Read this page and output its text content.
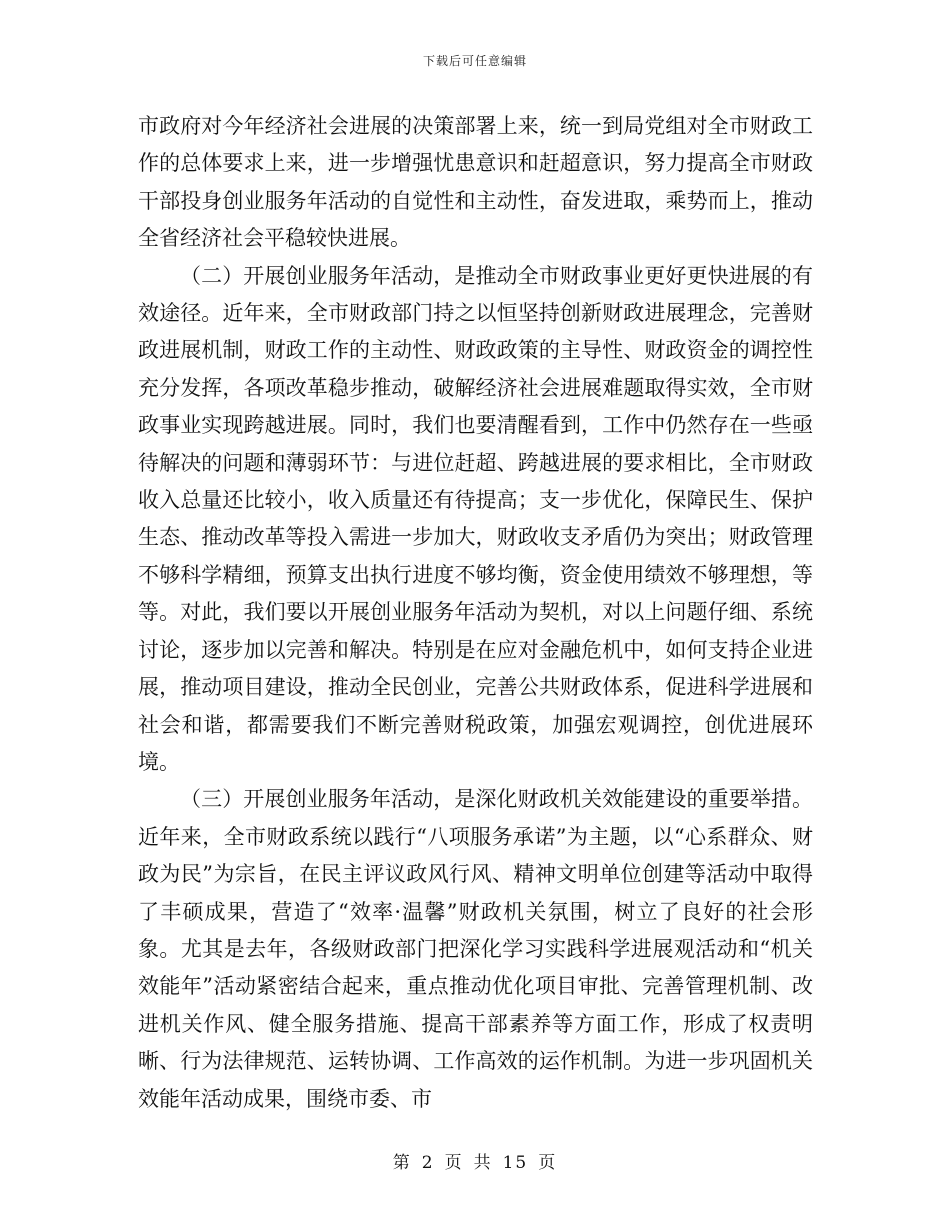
下载后可任意编辑

市政府对今年经济社会进展的决策部署上来，统一到局党组对全市财政工作的总体要求上来，进一步增强忧患意识和赶超意识，努力提高全市财政干部投身创业服务年活动的自觉性和主动性，奋发进取，乘势而上，推动全省经济社会平稳较快进展。

（二）开展创业服务年活动，是推动全市财政事业更好更快进展的有效途径。近年来，全市财政部门持之以恒坚持创新财政进展理念，完善财政进展机制，财政工作的主动性、财政政策的主导性、财政资金的调控性充分发挥，各项改革稳步推动，破解经济社会进展难题取得实效，全市财政事业实现跨越进展。同时，我们也要清醒看到，工作中仍然存在一些亟待解决的问题和薄弱环节：与进位赶超、跨越进展的要求相比，全市财政收入总量还比较小，收入质量还有待提高；支一步优化，保障民生、保护生态、推动改革等投入需进一步加大，财政收支矛盾仍为突出；财政管理不够科学精细，预算支出执行进度不够均衡，资金使用绩效不够理想，等等。对此，我们要以开展创业服务年活动为契机，对以上问题仔细、系统讨论，逐步加以完善和解决。特别是在应对金融危机中，如何支持企业进展，推动项目建设，推动全民创业，完善公共财政体系，促进科学进展和社会和谐，都需要我们不断完善财税政策，加强宏观调控，创优进展环境。

（三）开展创业服务年活动，是深化财政机关效能建设的重要举措。近年来，全市财政系统以践行“八项服务承诺”为主题，以“心系群众、财政为民”为宗旨，在民主评议政风行风、精神文明单位创建等活动中取得了丰硕成果，营造了“效率·温馨”财政机关氛围，树立了良好的社会形象。尤其是去年，各级财政部门把深化学习实践科学进展观活动和“机关效能年”活动紧密结合起来，重点推动优化项目审批、完善管理机制、改进机关作风、健全服务措施、提高干部素养等方面工作，形成了权责明晰、行为法律规范、运转协调、工作高效的运作机制。为进一步巩固机关效能年活动成果，围绕市委、市

第 2 页 共 15 页
